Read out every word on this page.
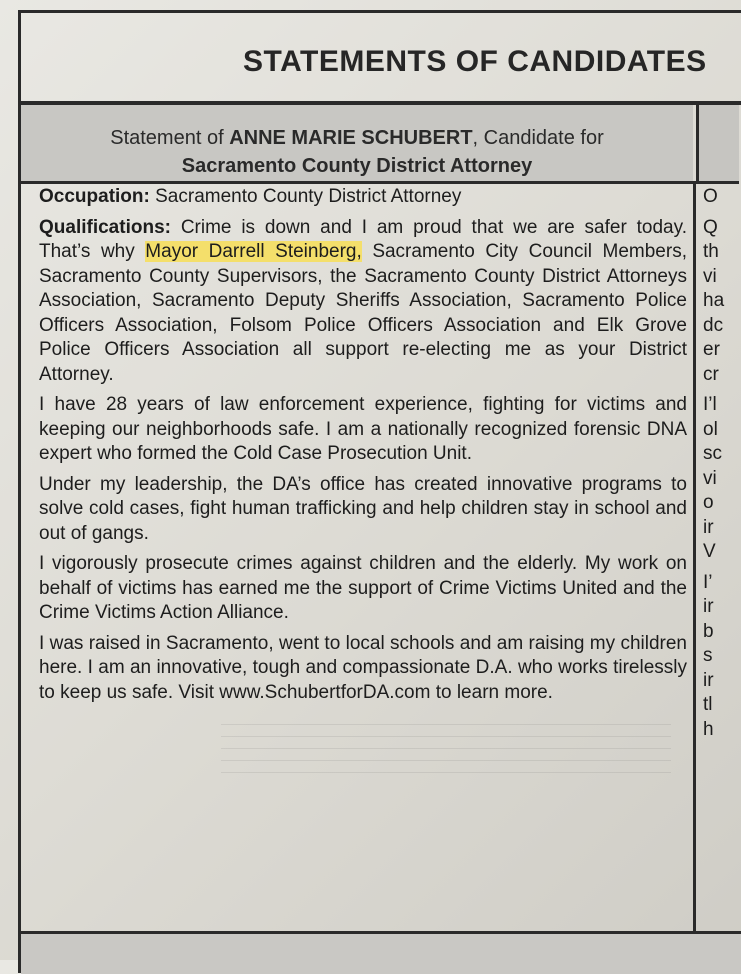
STATEMENTS OF CANDIDATES
Statement of ANNE MARIE SCHUBERT, Candidate for
Sacramento County District Attorney

Occupation: Sacramento County District Attorney

Qualifications: Crime is down and I am proud that we are safer today. That’s why Mayor Darrell Steinberg, Sacramento City Council Members, Sacramento County Supervisors, the Sacramento County District Attorneys Association, Sacramento Deputy Sheriffs Association, Sacramento Police Officers Association, Folsom Police Officers Association and Elk Grove Police Officers Association all support re-electing me as your District Attorney.

I have 28 years of law enforcement experience, fighting for victims and keeping our neighborhoods safe. I am a nationally recognized forensic DNA expert who formed the Cold Case Prosecution Unit.

Under my leadership, the DA’s office has created innovative programs to solve cold cases, fight human trafficking and help children stay in school and out of gangs.

I vigorously prosecute crimes against children and the elderly. My work on behalf of victims has earned me the support of Crime Victims United and the Crime Victims Action Alliance.

I was raised in Sacramento, went to local schools and am raising my children here. I am an innovative, tough and compassionate D.A. who works tirelessly to keep us safe. Visit www.SchubertforDA.com to learn more.

O
Q
th
vi
ha
dc
er
cr
I’l
ol
sc
vi
o
ir
V
I’
ir
b
s
ir
tl
h
